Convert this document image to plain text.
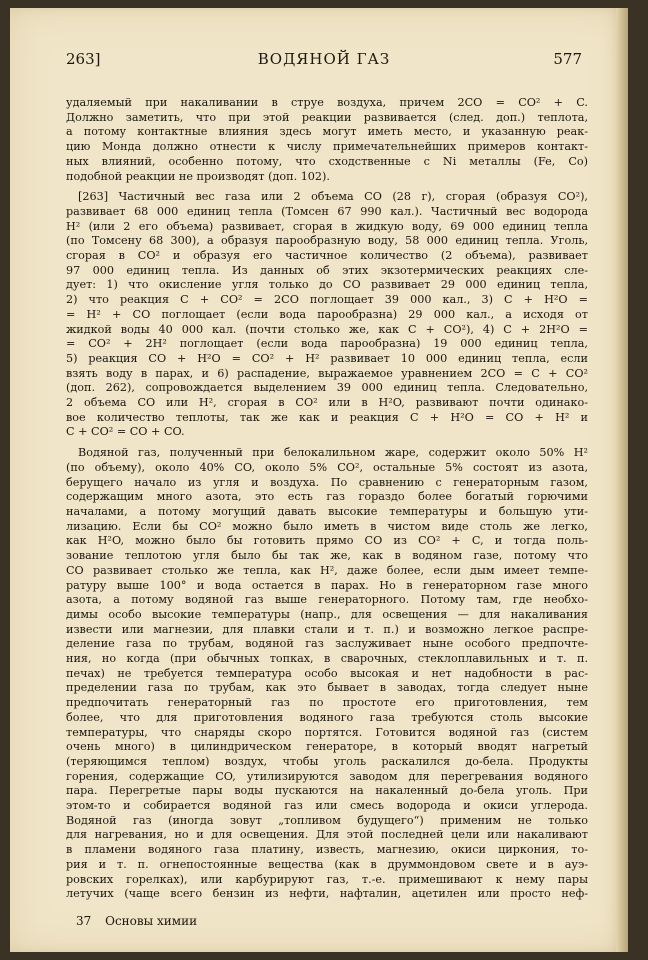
263]	ВОДЯНОЙ ГАЗ	577
удаляемый при накаливании в струе воздуха, причем 2CO = CO² + C.
Должно заметить, что при этой реакции развивается (след. доп.) теплота,
а потому контактные влияния здесь могут иметь место, и указанную реак-
цию Монда должно отнести к числу примечательнейших примеров контакт-
ных влияний, особенно потому, что сходственные с Ni металлы (Fe, Co)
подобной реакции не производят (доп. 102).
[263] Частичный вес газа или 2 объема CO (28 г), сгорая (образуя CO²),
развивает 68 000 единиц тепла (Томсен 67 990 кал.). Частичный вес водорода
H² (или 2 его объема) развивает, сгорая в жидкую воду, 69 000 единиц тепла
(по Томсену 68 300), а образуя парообразную воду, 58 000 единиц тепла. Уголь,
сгорая в CO² и образуя его частичное количество (2 объема), развивает
97 000 единиц тепла. Из данных об этих экзотермических реакциях сле-
дует: 1) что окисление угля только до CO развивает 29 000 единиц тепла,
2) что реакция C + CO² = 2CO поглощает 39 000 кал., 3) C + H²O =
= H² + CO поглощает (если вода парообразна) 29 000 кал., а исходя от
жидкой воды 40 000 кал. (почти столько же, как C + CO²), 4) C + 2H²O =
= CO² + 2H² поглощает (если вода парообразна) 19 000 единиц тепла,
5) реакция CO + H²O = CO² + H² развивает 10 000 единиц тепла, если
взять воду в парах, и 6) распадение, выражаемое уравнением 2CO = C + CO²
(доп. 262), сопровождается выделением 39 000 единиц тепла. Следовательно,
2 объема CO или H², сгорая в CO² или в H²O, развивают почти одинако-
вое количество теплоты, так же как и реакция C + H²O = CO + H² и
C + CO² = CO + CO.
Водяной газ, полученный при белокалильном жаре, содержит около 50% H²
(по объему), около 40% CO, около 5% CO², остальные 5% состоят из азота,
берущего начало из угля и воздуха. По сравнению с генераторным газом,
содержащим много азота, это есть газ гораздо более богатый горючими
началами, а потому могущий давать высокие температуры и большую ути-
лизацию. Если бы CO² можно было иметь в чистом виде столь же легко,
как H²O, можно было бы готовить прямо CO из CO² + C, и тогда поль-
зование теплотою угля было бы так же, как в водяном газе, потому что
CO развивает столько же тепла, как H², даже более, если дым имеет темпе-
ратуру выше 100° и вода остается в парах. Но в генераторном газе много
азота, а потому водяной газ выше генераторного. Потому там, где необхо-
димы особо высокие температуры (напр., для освещения — для накаливания
извести или магнезии, для плавки стали и т. п.) и возможно легкое распре-
деление газа по трубам, водяной газ заслуживает ныне особого предпочте-
ния, но когда (при обычных топках, в сварочных, стеклоплавильных и т. п.
печах) не требуется температура особо высокая и нет надобности в рас-
пределении газа по трубам, как это бывает в заводах, тогда следует ныне
предпочитать генераторный газ по простоте его приготовления, тем
более, что для приготовления водяного газа требуются столь высокие
температуры, что снаряды скоро портятся. Готовится водяной газ (систем
очень много) в цилиндрическом генераторе, в который вводят нагретый
(теряющимся теплом) воздух, чтобы уголь раскалился до-бела. Продукты
горения, содержащие CO, утилизируются заводом для перегревания водяного
пара. Перегретые пары воды пускаются на накаленный до-бела уголь. При
этом-то и собирается водяной газ или смесь водорода и окиси углерода.
Водяной газ (иногда зовут „топливом будущего“) применим не только
для нагревания, но и для освещения. Для этой последней цели или накаливают
в пламени водяного газа платину, известь, магнезию, окиси циркония, то-
рия и т. п. огнепостоянные вещества (как в друммондовом свете и в ауэ-
ровских горелках), или карбурируют газ, т.-е. примешивают к нему пары
летучих (чаще всего бензин из нефти, нафталин, ацетилен или просто неф-
37 Основы химии
